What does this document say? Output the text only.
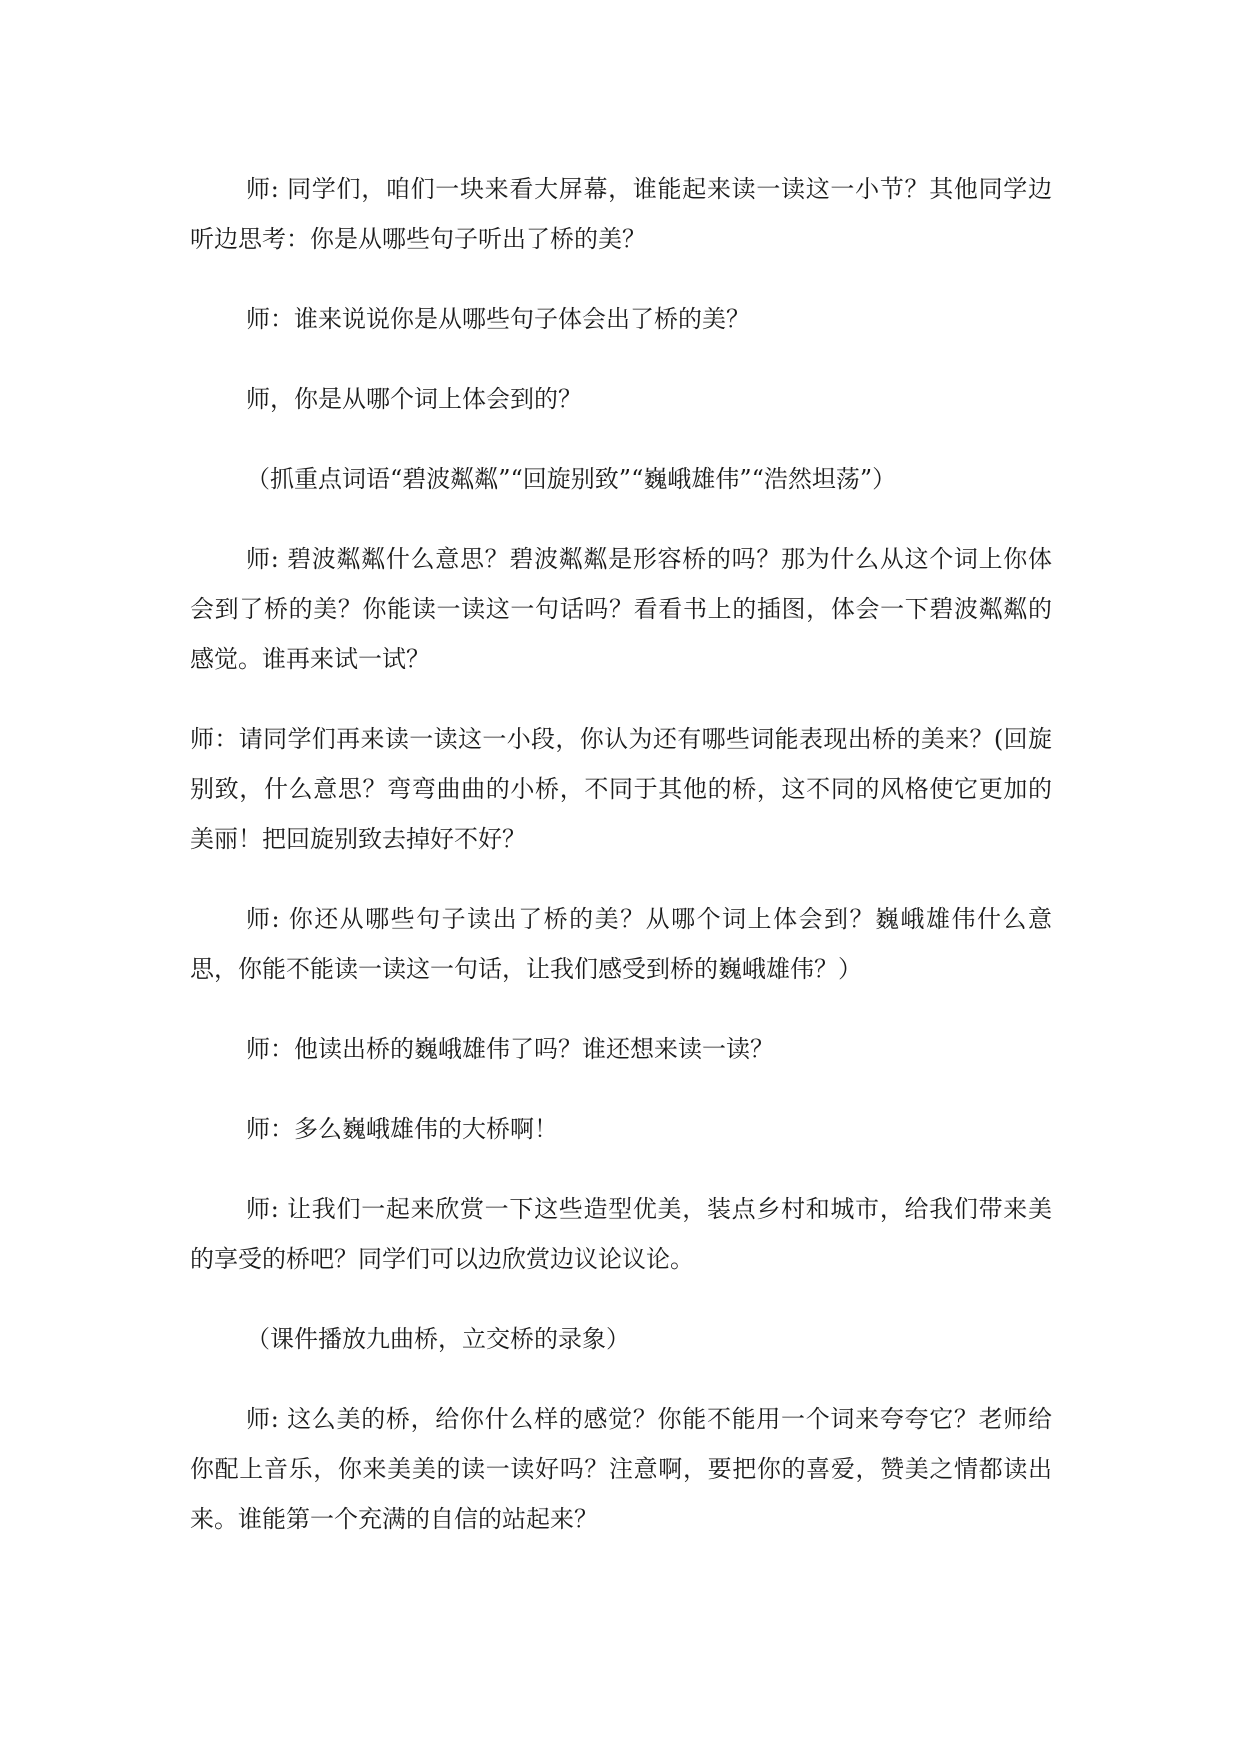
师: 同学们，咱们一块来看大屏幕，谁能起来读一读这一小节？其他同学边听边思考：你是从哪些句子听出了桥的美？

师：谁来说说你是从哪些句子体会出了桥的美？

师，你是从哪个词上体会到的？

（抓重点词语“碧波粼粼”“回旋别致”“巍峨雄伟”“浩然坦荡”）

师: 碧波粼粼什么意思？碧波粼粼是形容桥的吗？那为什么从这个词上你体会到了桥的美？你能读一读这一句话吗？看看书上的插图，体会一下碧波粼粼的感觉。谁再来试一试？

师：请同学们再来读一读这一小段，你认为还有哪些词能表现出桥的美来？(回旋别致，什么意思？弯弯曲曲的小桥，不同于其他的桥，这不同的风格使它更加的美丽！把回旋别致去掉好不好？

师: 你还从哪些句子读出了桥的美？从哪个词上体会到？巍峨雄伟什么意思，你能不能读一读这一句话，让我们感受到桥的巍峨雄伟？）

师：他读出桥的巍峨雄伟了吗？谁还想来读一读？

师：多么巍峨雄伟的大桥啊！

师: 让我们一起来欣赏一下这些造型优美，装点乡村和城市，给我们带来美的享受的桥吧？同学们可以边欣赏边议论议论。

（课件播放九曲桥，立交桥的录象）

师: 这么美的桥，给你什么样的感觉？你能不能用一个词来夸夸它？老师给你配上音乐，你来美美的读一读好吗？注意啊，要把你的喜爱，赞美之情都读出来。谁能第一个充满的自信的站起来？
